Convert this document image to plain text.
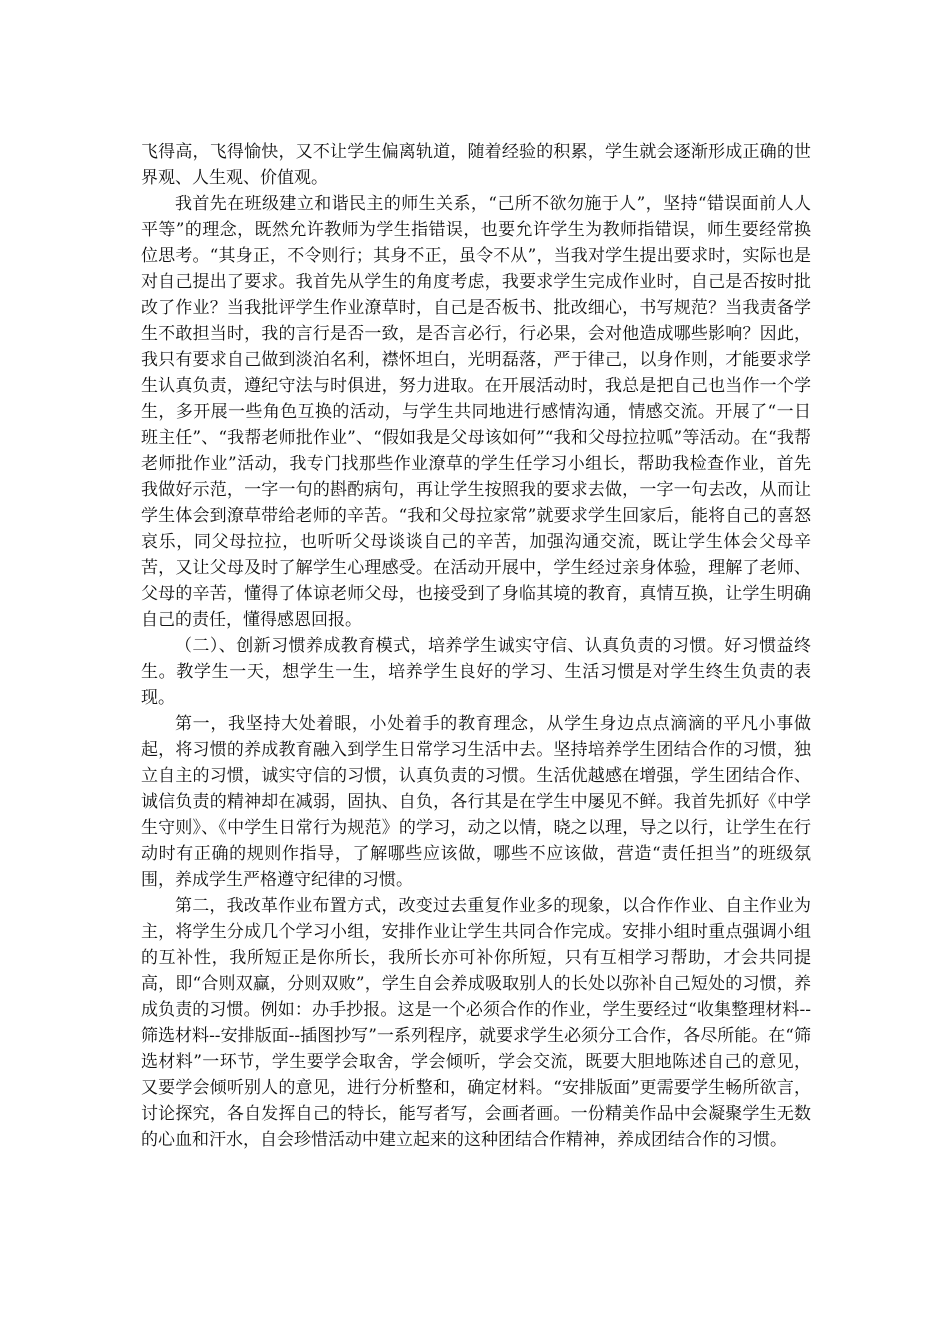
飞得高，飞得愉快，又不让学生偏离轨道，随着经验的积累，学生就会逐渐形成正确的世界观、人生观、价值观。

我首先在班级建立和谐民主的师生关系，“己所不欲勿施于人”，坚持“错误面前人人平等”的理念，既然允许教师为学生指错误，也要允许学生为教师指错误，师生要经常换位思考。“其身正，不令则行；其身不正，虽令不从”，当我对学生提出要求时，实际也是对自己提出了要求。我首先从学生的角度考虑，我要求学生完成作业时，自己是否按时批改了作业？当我批评学生作业潦草时，自己是否板书、批改细心，书写规范？当我责备学生不敢担当时，我的言行是否一致，是否言必行，行必果，会对他造成哪些影响？因此，我只有要求自己做到淡泊名利，襟怀坦白，光明磊落，严于律己，以身作则，才能要求学生认真负责，遵纪守法与时俱进，努力进取。在开展活动时，我总是把自己也当作一个学生，多开展一些角色互换的活动，与学生共同地进行感情沟通，情感交流。开展了“一日班主任”、“我帮老师批作业”、“假如我是父母该如何”“我和父母拉拉呱”等活动。在“我帮老师批作业”活动，我专门找那些作业潦草的学生任学习小组长，帮助我检查作业，首先我做好示范，一字一句的斟酌病句，再让学生按照我的要求去做，一字一句去改，从而让学生体会到潦草带给老师的辛苦。“我和父母拉家常”就要求学生回家后，能将自己的喜怒哀乐，同父母拉拉，也听听父母谈谈自己的辛苦，加强沟通交流，既让学生体会父母辛苦，又让父母及时了解学生心理感受。在活动开展中，学生经过亲身体验，理解了老师、父母的辛苦，懂得了体谅老师父母，也接受到了身临其境的教育，真情互换，让学生明确自己的责任，懂得感恩回报。

（二）、创新习惯养成教育模式，培养学生诚实守信、认真负责的习惯。好习惯益终生。教学生一天，想学生一生，培养学生良好的学习、生活习惯是对学生终生负责的表现。

第一，我坚持大处着眼，小处着手的教育理念，从学生身边点点滴滴的平凡小事做起，将习惯的养成教育融入到学生日常学习生活中去。坚持培养学生团结合作的习惯，独立自主的习惯，诚实守信的习惯，认真负责的习惯。生活优越感在增强，学生团结合作、诚信负责的精神却在减弱，固执、自负，各行其是在学生中屡见不鲜。我首先抓好《中学生守则》、《中学生日常行为规范》的学习，动之以情，晓之以理，导之以行，让学生在行动时有正确的规则作指导，了解哪些应该做，哪些不应该做，营造“责任担当”的班级氛围，养成学生严格遵守纪律的习惯。

第二，我改革作业布置方式，改变过去重复作业多的现象，以合作作业、自主作业为主，将学生分成几个学习小组，安排作业让学生共同合作完成。安排小组时重点强调小组的互补性，我所短正是你所长，我所长亦可补你所短，只有互相学习帮助，才会共同提高，即“合则双赢，分则双败”，学生自会养成吸取别人的长处以弥补自己短处的习惯，养成负责的习惯。例如：办手抄报。这是一个必须合作的作业，学生要经过“收集整理材料--筛选材料--安排版面--插图抄写”一系列程序，就要求学生必须分工合作，各尽所能。在“筛选材料”一环节，学生要学会取舍，学会倾听，学会交流，既要大胆地陈述自己的意见，又要学会倾听别人的意见，进行分析整和，确定材料。“安排版面”更需要学生畅所欲言，讨论探究，各自发挥自己的特长，能写者写，会画者画。一份精美作品中会凝聚学生无数的心血和汗水，自会珍惜活动中建立起来的这种团结合作精神，养成团结合作的习惯。
